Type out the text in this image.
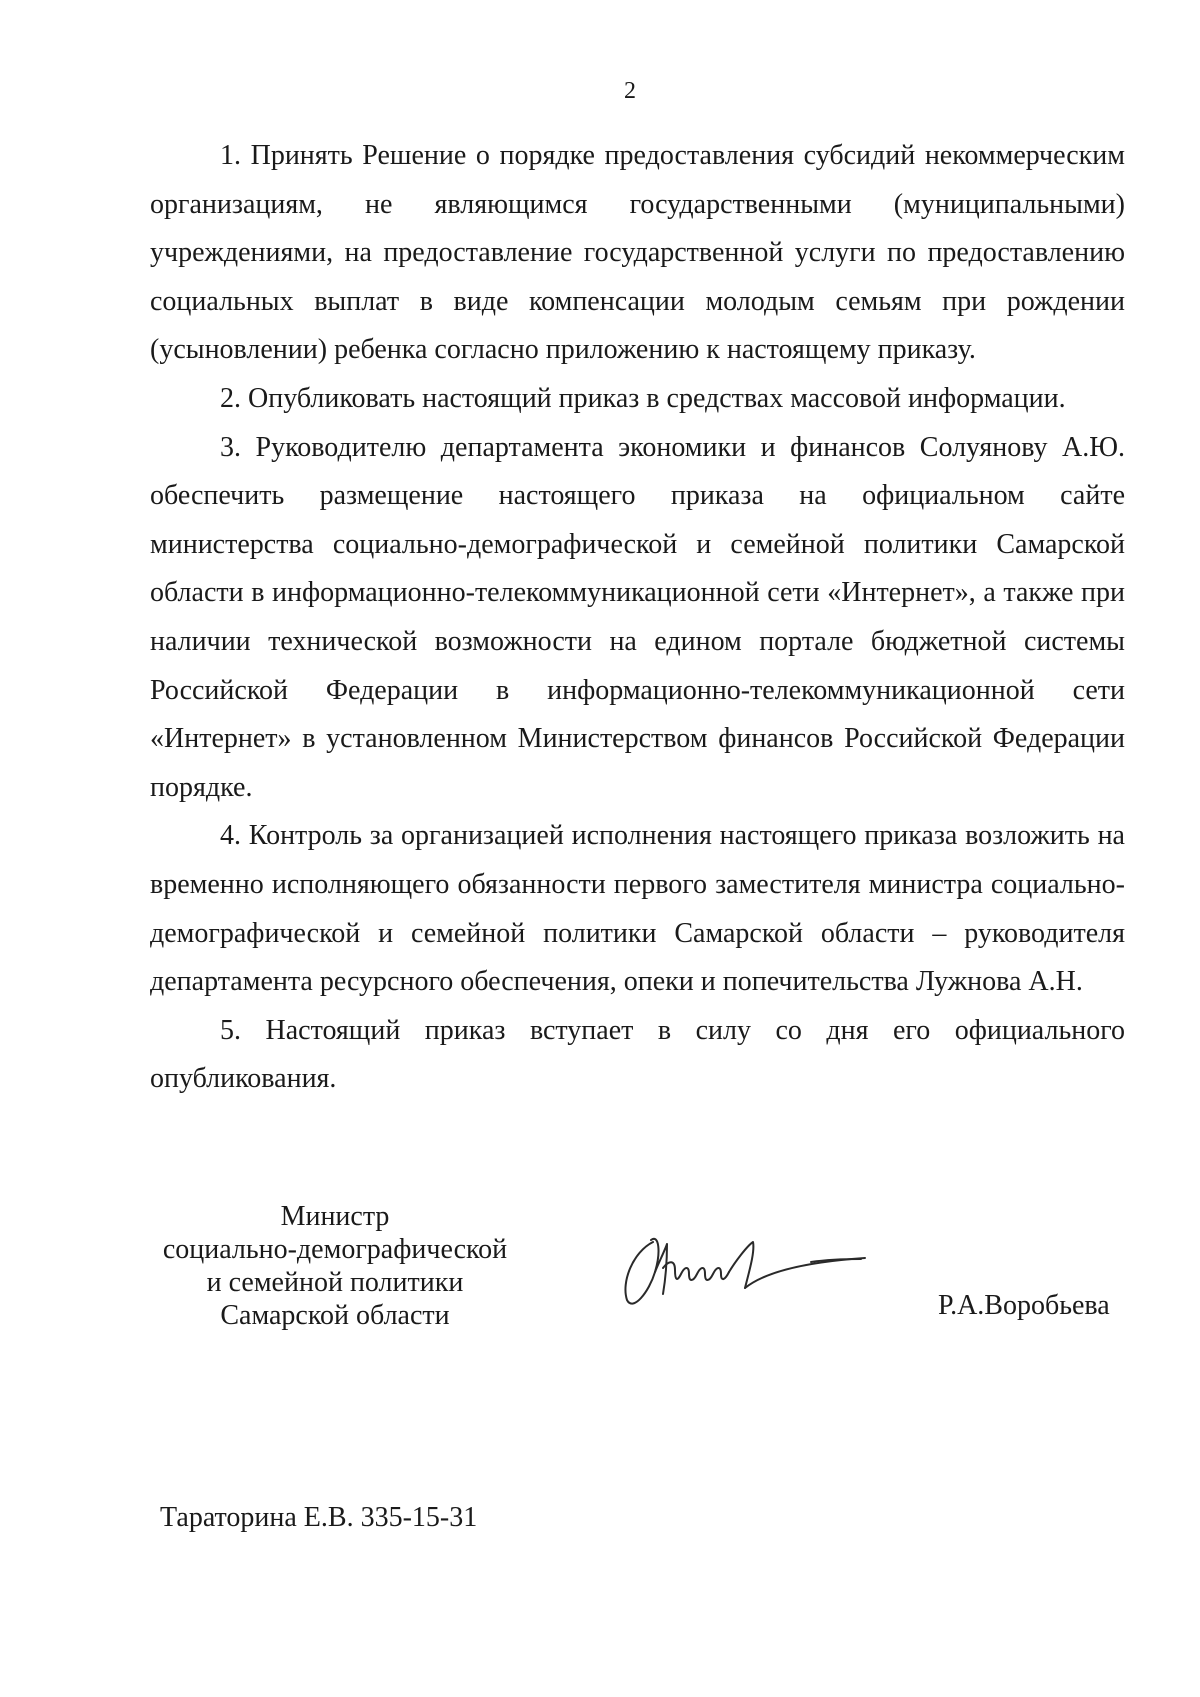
2

1. Принять Решение о порядке предоставления субсидий некоммерческим организациям, не являющимся государственными (муниципальными) учреждениями, на предоставление государственной услуги по предоставлению социальных выплат в виде компенсации молодым семьям при рождении (усыновлении) ребенка согласно приложению к настоящему приказу.

2. Опубликовать настоящий приказ в средствах массовой информации.

3. Руководителю департамента экономики и финансов Солуянову А.Ю. обеспечить размещение настоящего приказа на официальном сайте министерства социально-демографической и семейной политики Самарской области в информационно-телекоммуникационной сети «Интернет», а также при наличии технической возможности на едином портале бюджетной системы Российской Федерации в информационно-телекоммуникационной сети «Интернет» в установленном Министерством финансов Российской Федерации порядке.

4. Контроль за организацией исполнения настоящего приказа возложить на временно исполняющего обязанности первого заместителя министра социально-демографической и семейной политики Самарской области – руководителя департамента ресурсного обеспечения, опеки и попечительства Лужнова А.Н.

5. Настоящий приказ вступает в силу со дня его официального опубликования.

Министр
социально-демографической
и семейной политики
Самарской области	Р.А.Воробьева
Тараторина Е.В. 335-15-31
